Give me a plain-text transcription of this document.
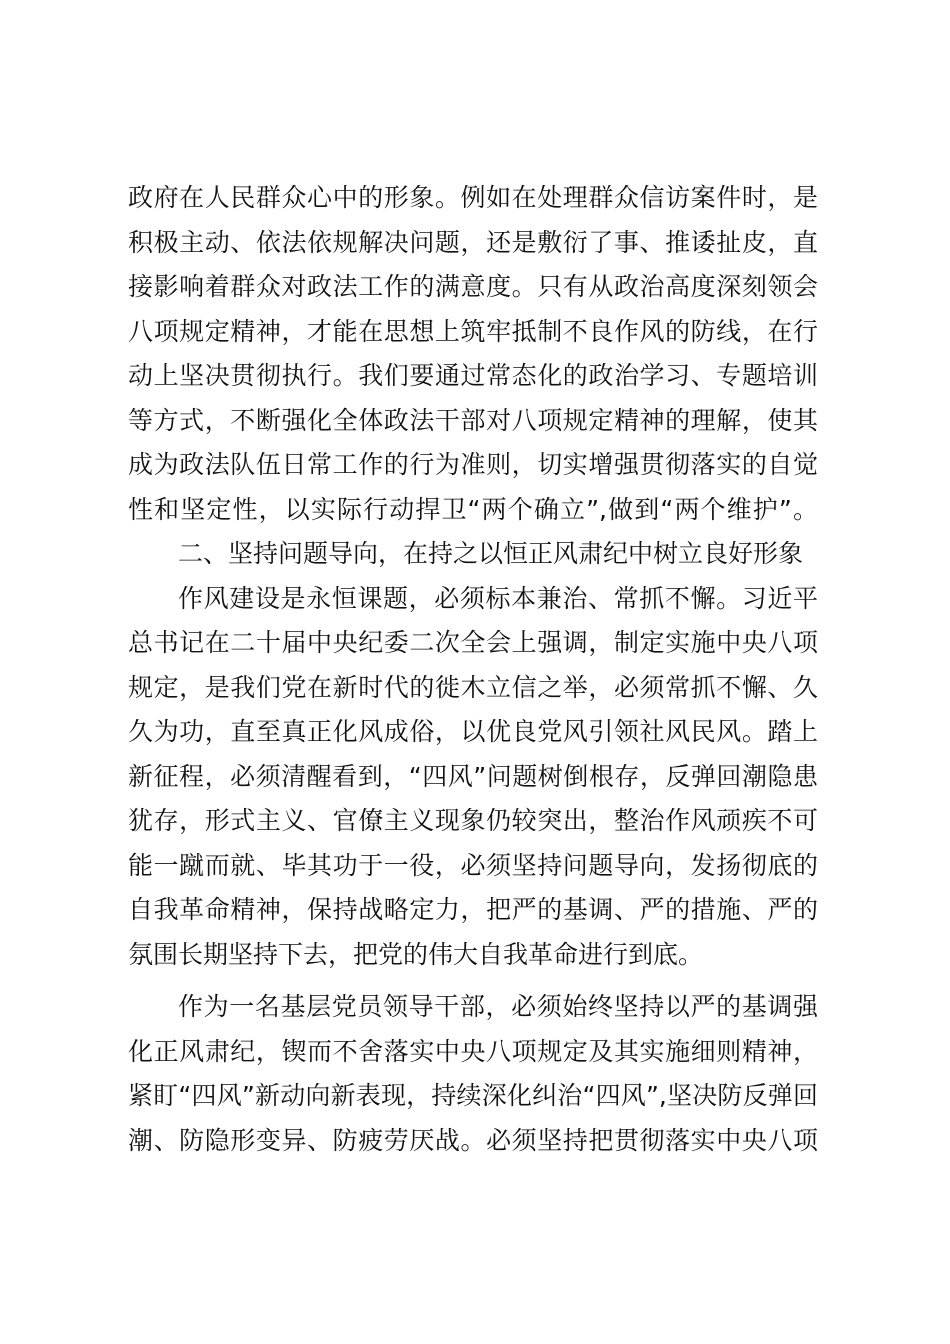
政府在人民群众心中的形象。例如在处理群众信访案件时，是
积极主动、依法依规解决问题，还是敷衍了事、推诿扯皮，直
接影响着群众对政法工作的满意度。只有从政治高度深刻领会
八项规定精神，才能在思想上筑牢抵制不良作风的防线，在行
动上坚决贯彻执行。我们要通过常态化的政治学习、专题培训
等方式，不断强化全体政法干部对八项规定精神的理解，使其
成为政法队伍日常工作的行为准则，切实增强贯彻落实的自觉
性和坚定性，以实际行动捍卫“两个确立”,做到“两个维护”。
二、坚持问题导向，在持之以恒正风肃纪中树立良好形象
作风建设是永恒课题，必须标本兼治、常抓不懈。习近平
总书记在二十届中央纪委二次全会上强调，制定实施中央八项
规定，是我们党在新时代的徙木立信之举，必须常抓不懈、久
久为功，直至真正化风成俗，以优良党风引领社风民风。踏上
新征程，必须清醒看到，“四风”问题树倒根存，反弹回潮隐患
犹存，形式主义、官僚主义现象仍较突出，整治作风顽疾不可
能一蹴而就、毕其功于一役，必须坚持问题导向，发扬彻底的
自我革命精神，保持战略定力，把严的基调、严的措施、严的
氛围长期坚持下去，把党的伟大自我革命进行到底。
作为一名基层党员领导干部，必须始终坚持以严的基调强
化正风肃纪，锲而不舍落实中央八项规定及其实施细则精神，
紧盯“四风”新动向新表现，持续深化纠治“四风”,坚决防反弹回
潮、防隐形变异、防疲劳厌战。必须坚持把贯彻落实中央八项
